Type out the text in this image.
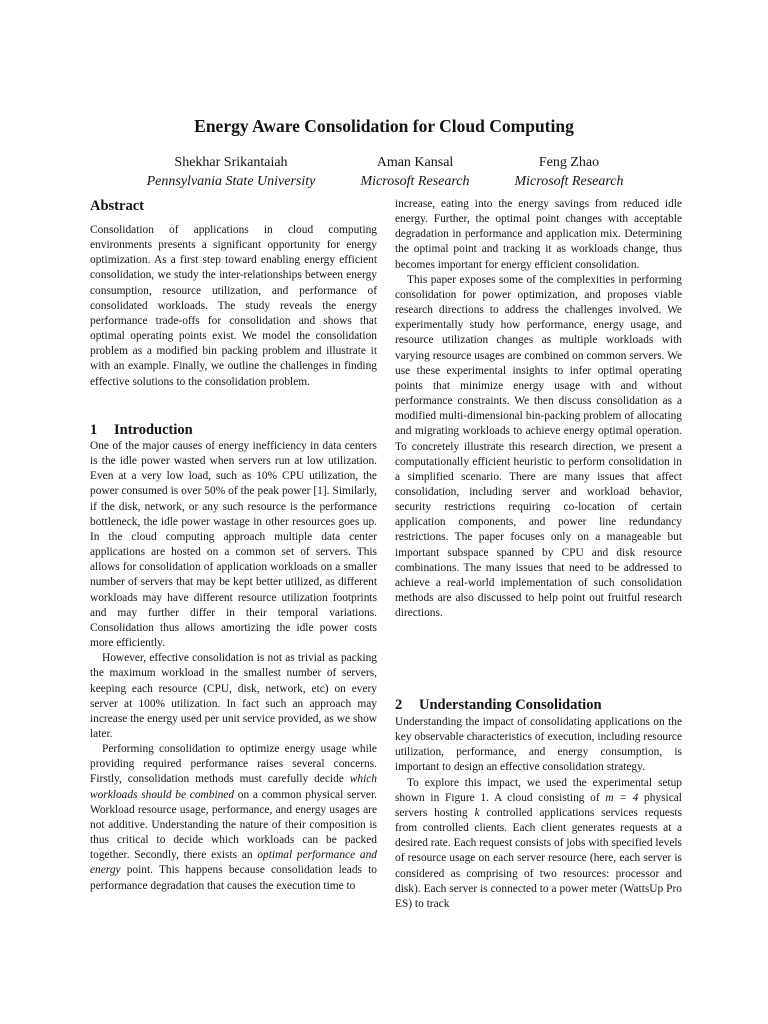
Energy Aware Consolidation for Cloud Computing
Shekhar Srikantaiah
Pennsylvania State University
Aman Kansal
Microsoft Research
Feng Zhao
Microsoft Research
Abstract

Consolidation of applications in cloud computing environments presents a significant opportunity for energy optimization. As a first step toward enabling energy efficient consolidation, we study the inter-relationships between energy consumption, resource utilization, and performance of consolidated workloads. The study reveals the energy performance trade-offs for consolidation and shows that optimal operating points exist. We model the consolidation problem as a modified bin packing problem and illustrate it with an example. Finally, we outline the challenges in finding effective solutions to the consolidation problem.

1 Introduction

One of the major causes of energy inefficiency in data centers is the idle power wasted when servers run at low utilization. Even at a very low load, such as 10% CPU utilization, the power consumed is over 50% of the peak power [1]. Similarly, if the disk, network, or any such resource is the performance bottleneck, the idle power wastage in other resources goes up. In the cloud computing approach multiple data center applications are hosted on a common set of servers. This allows for consolidation of application workloads on a smaller number of servers that may be kept better utilized, as different workloads may have different resource utilization footprints and may further differ in their temporal variations. Consolidation thus allows amortizing the idle power costs more efficiently.

However, effective consolidation is not as trivial as packing the maximum workload in the smallest number of servers, keeping each resource (CPU, disk, network, etc) on every server at 100% utilization. In fact such an approach may increase the energy used per unit service provided, as we show later.

Performing consolidation to optimize energy usage while providing required performance raises several concerns. Firstly, consolidation methods must carefully decide which workloads should be combined on a common physical server. Workload resource usage, performance, and energy usages are not additive. Understanding the nature of their composition is thus critical to decide which workloads can be packed together. Secondly, there exists an optimal performance and energy point. This happens because consolidation leads to performance degradation that causes the execution time to

increase, eating into the energy savings from reduced idle energy. Further, the optimal point changes with acceptable degradation in performance and application mix. Determining the optimal point and tracking it as workloads change, thus becomes important for energy efficient consolidation.

This paper exposes some of the complexities in performing consolidation for power optimization, and proposes viable research directions to address the challenges involved. We experimentally study how performance, energy usage, and resource utilization changes as multiple workloads with varying resource usages are combined on common servers. We use these experimental insights to infer optimal operating points that minimize energy usage with and without performance constraints. We then discuss consolidation as a modified multi-dimensional bin-packing problem of allocating and migrating workloads to achieve energy optimal operation. To concretely illustrate this research direction, we present a computationally efficient heuristic to perform consolidation in a simplified scenario. There are many issues that affect consolidation, including server and workload behavior, security restrictions requiring co-location of certain application components, and power line redundancy restrictions. The paper focuses only on a manageable but important subspace spanned by CPU and disk resource combinations. The many issues that need to be addressed to achieve a real-world implementation of such consolidation methods are also discussed to help point out fruitful research directions.

2 Understanding Consolidation

Understanding the impact of consolidating applications on the key observable characteristics of execution, including resource utilization, performance, and energy consumption, is important to design an effective consolidation strategy.

To explore this impact, we used the experimental setup shown in Figure 1. A cloud consisting of m = 4 physical servers hosting k controlled applications services requests from controlled clients. Each client generates requests at a desired rate. Each request consists of jobs with specified levels of resource usage on each server resource (here, each server is considered as comprising of two resources: processor and disk). Each server is connected to a power meter (WattsUp Pro ES) to track
